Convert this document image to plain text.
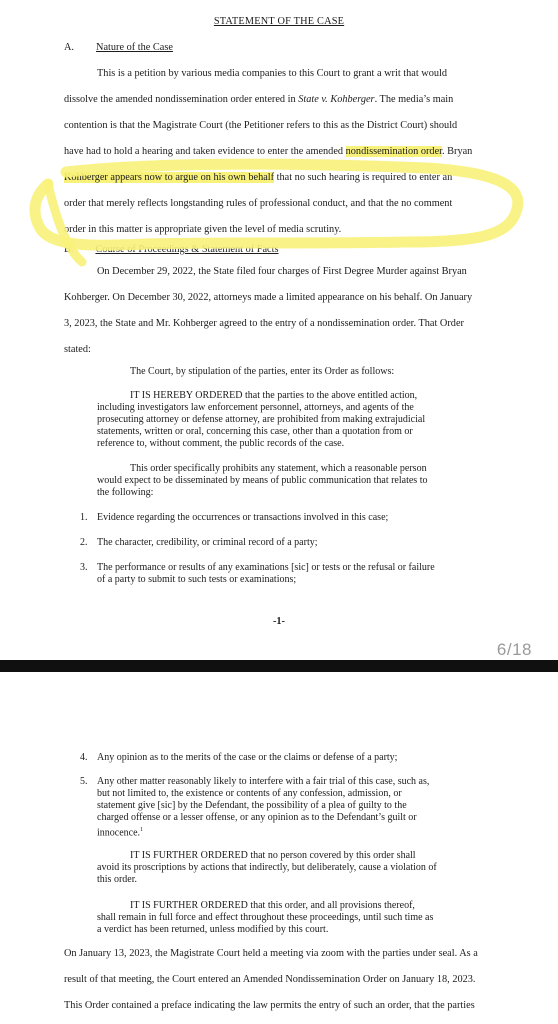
STATEMENT OF THE CASE
A. Nature of the Case
This is a petition by various media companies to this Court to grant a writ that would
dissolve the amended nondissemination order entered in State v. Kohberger. The media’s main
contention is that the Magistrate Court (the Petitioner refers to this as the District Court) should
have had to hold a hearing and taken evidence to enter the amended nondissemination order. Bryan
Kohberger appears now to argue on his own behalf that no such hearing is required to enter an
order that merely reflects longstanding rules of professional conduct, and that the no comment
order in this matter is appropriate given the level of media scrutiny.
B. Course of Proceedings & Statement of Facts
On December 29, 2022, the State filed four charges of First Degree Murder against Bryan
Kohberger. On December 30, 2022, attorneys made a limited appearance on his behalf. On January
3, 2023, the State and Mr. Kohberger agreed to the entry of a nondissemination order. That Order
stated:
The Court, by stipulation of the parties, enter its Order as follows:
IT IS HEREBY ORDERED that the parties to the above entitled action,
including investigators law enforcement personnel, attorneys, and agents of the
prosecuting attorney or defense attorney, are prohibited from making extrajudicial
statements, written or oral, concerning this case, other than a quotation from or
reference to, without comment, the public records of the case.
This order specifically prohibits any statement, which a reasonable person
would expect to be disseminated by means of public communication that relates to
the following:
1. Evidence regarding the occurrences or transactions involved in this case;
2. The character, credibility, or criminal record of a party;
3. The performance or results of any examinations [sic] or tests or the refusal or failure
of a party to submit to such tests or examinations;
-1-
6/18
4. Any opinion as to the merits of the case or the claims or defense of a party;
5. Any other matter reasonably likely to interfere with a fair trial of this case, such as,
but not limited to, the existence or contents of any confession, admission, or
statement give [sic] by the Defendant, the possibility of a plea of guilty to the
charged offense or a lesser offense, or any opinion as to the Defendant’s guilt or
innocence.$^1$
IT IS FURTHER ORDERED that no person covered by this order shall
avoid its proscriptions by actions that indirectly, but deliberately, cause a violation of
this order.
IT IS FURTHER ORDERED that this order, and all provisions thereof,
shall remain in full force and effect throughout these proceedings, until such time as
a verdict has been returned, unless modified by this court.
On January 13, 2023, the Magistrate Court held a meeting via zoom with the parties under seal. As a
result of that meeting, the Court entered an Amended Nondissemination Order on January 18, 2023.
This Order contained a preface indicating the law permits the entry of such an order, that the parties
